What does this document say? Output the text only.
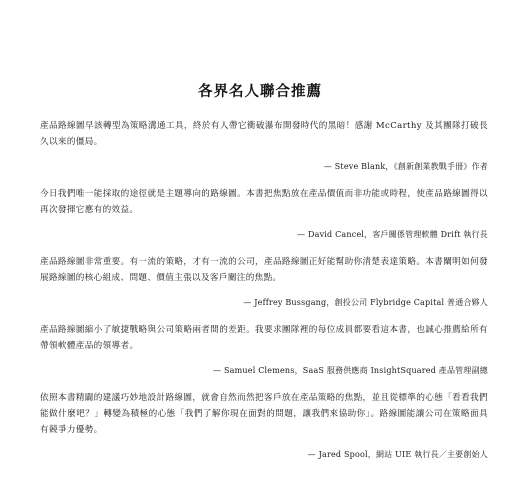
各界名人聯合推薦

產品路線圖早該轉型為策略溝通工具，終於有人帶它衝破瀑布開發時代的黑暗！感謝 McCarthy 及其團隊打破長久以來的僵局。

— Steve Blank，《創新創業教戰手冊》作者

今日我們唯一能採取的途徑就是主題導向的路線圖。本書把焦點放在產品價值而非功能或時程，使產品路線圖得以再次發揮它應有的效益。

— David Cancel，客戶關係管理軟體 Drift 執行長

產品路線圖非常重要。有一流的策略，才有一流的公司，產品路線圖正好能幫助你清楚表達策略。本書闡明如何發展路線圖的核心組成、問題、價值主張以及客戶關注的焦點。

— Jeffrey Bussgang，創投公司 Flybridge Capital 普通合夥人

產品路線圖縮小了敏捷戰略與公司策略兩者間的差距。我要求團隊裡的每位成員都要看這本書，也誠心推薦給所有帶領軟體產品的領導者。

— Samuel Clemens，SaaS 服務供應商 InsightSquared 產品管理副總

依照本書精闢的建議巧妙地設計路線圖，就會自然而然把客戶放在產品策略的焦點，並且從標準的心態「看看我們能做什麼吧？」轉變為積極的心態「我們了解你現在面對的問題，讓我們來協助你」。路線圖能讓公司在策略面具有競爭力優勢。

— Jared Spool，網站 UIE 執行長／主要創始人
